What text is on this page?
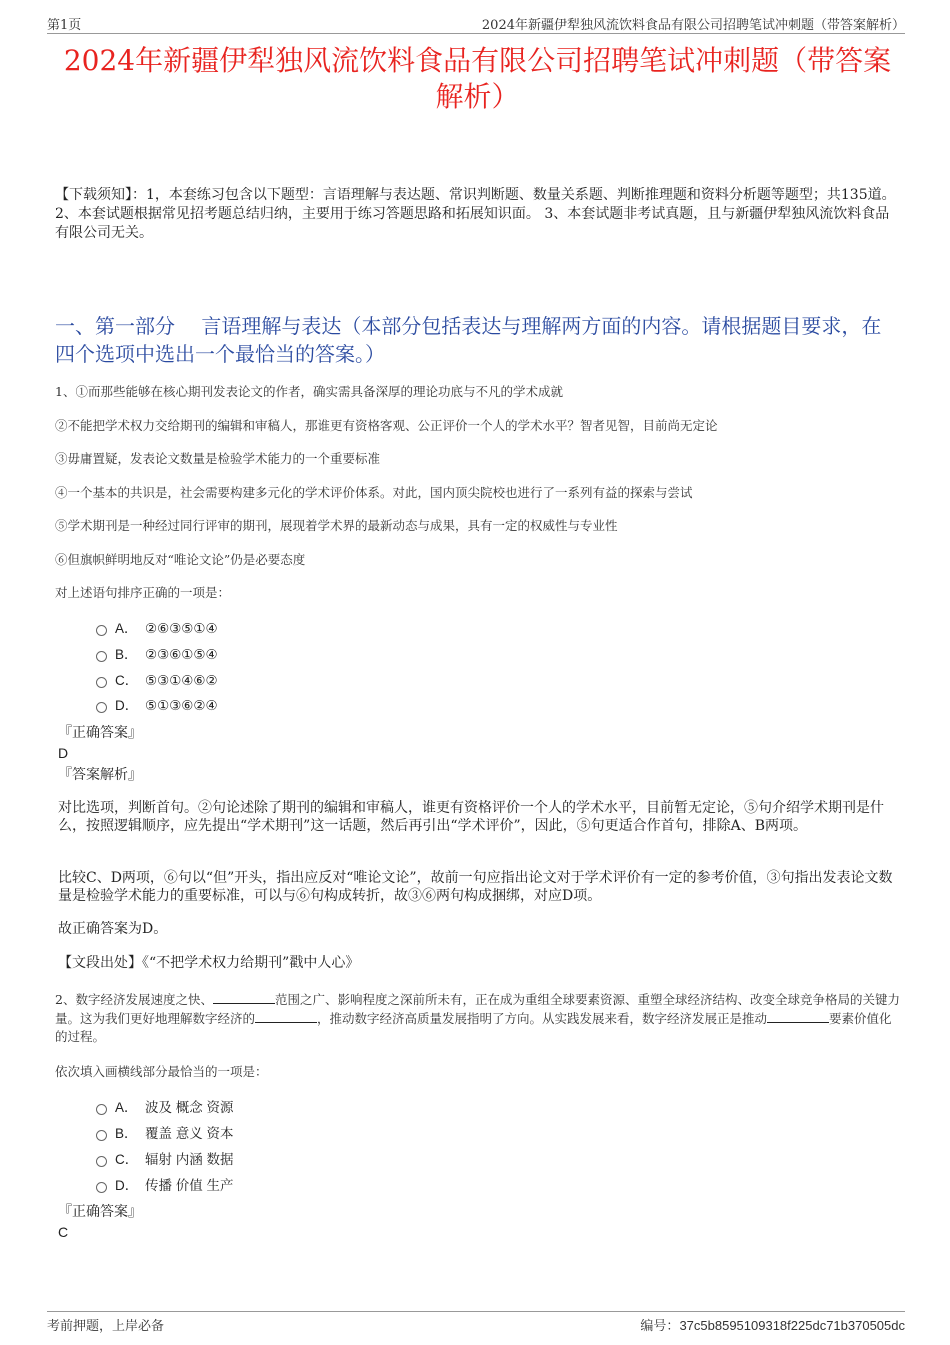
第1页	2024年新疆伊犁独风流饮料食品有限公司招聘笔试冲刺题（带答案解析）
2024年新疆伊犁独风流饮料食品有限公司招聘笔试冲刺题（带答案解析）
【下载须知】：1，本套练习包含以下题型：言语理解与表达题、常识判断题、数量关系题、判断推理题和资料分析题等题型；共135道。 2、本套试题根据常见招考题总结归纳，主要用于练习答题思路和拓展知识面。 3、本套试题非考试真题，且与新疆伊犁独风流饮料食品有限公司无关。
一、第一部分　 言语理解与表达（本部分包括表达与理解两方面的内容。请根据题目要求，在四个选项中选出一个最恰当的答案。）
1、①而那些能够在核心期刊发表论文的作者，确实需具备深厚的理论功底与不凡的学术成就
②不能把学术权力交给期刊的编辑和审稿人，那谁更有资格客观、公正评价一个人的学术水平？智者见智，目前尚无定论
③毋庸置疑，发表论文数量是检验学术能力的一个重要标准
④一个基本的共识是，社会需要构建多元化的学术评价体系。对此，国内顶尖院校也进行了一系列有益的探索与尝试
⑤学术期刊是一种经过同行评审的期刊，展现着学术界的最新动态与成果，具有一定的权威性与专业性
⑥但旗帜鲜明地反对“唯论文论”仍是必要态度
对上述语句排序正确的一项是：
A． ②⑥③⑤①④
B． ②③⑥①⑤④
C． ⑤③①④⑥②
D． ⑤①③⑥②④
『正确答案』
D
『答案解析』
对比选项，判断首句。②句论述除了期刊的编辑和审稿人，谁更有资格评价一个人的学术水平，目前暂无定论，⑤句介绍学术期刊是什么，按照逻辑顺序，应先提出“学术期刊”这一话题，然后再引出“学术评价”，因此，⑤句更适合作首句，排除A、B两项。
比较C、D两项，⑥句以“但”开头，指出应反对“唯论文论”，故前一句应指出论文对于学术评价有一定的参考价值，③句指出发表论文数量是检验学术能力的重要标准，可以与⑥句构成转折，故③⑥两句构成捆绑，对应D项。
故正确答案为D。
【文段出处】《“不把学术权力给期刊”戳中人心》
2、数字经济发展速度之快、	范围之广、影响程度之深前所未有，正在成为重组全球要素资源、重塑全球经济结构、改变全球竞争格局的关键力量。这为我们更好地理解数字经济的	，推动数字经济高质量发展指明了方向。从实践发展来看，数字经济发展正是推动	要素价值化的过程。
依次填入画横线部分最恰当的一项是：
A． 波及 概念 资源
B． 覆盖 意义 资本
C． 辐射 内涵 数据
D． 传播 价值 生产
『正确答案』
C
考前押题，上岸必备	编号：37c5b8595109318f225dc71b370505dc
